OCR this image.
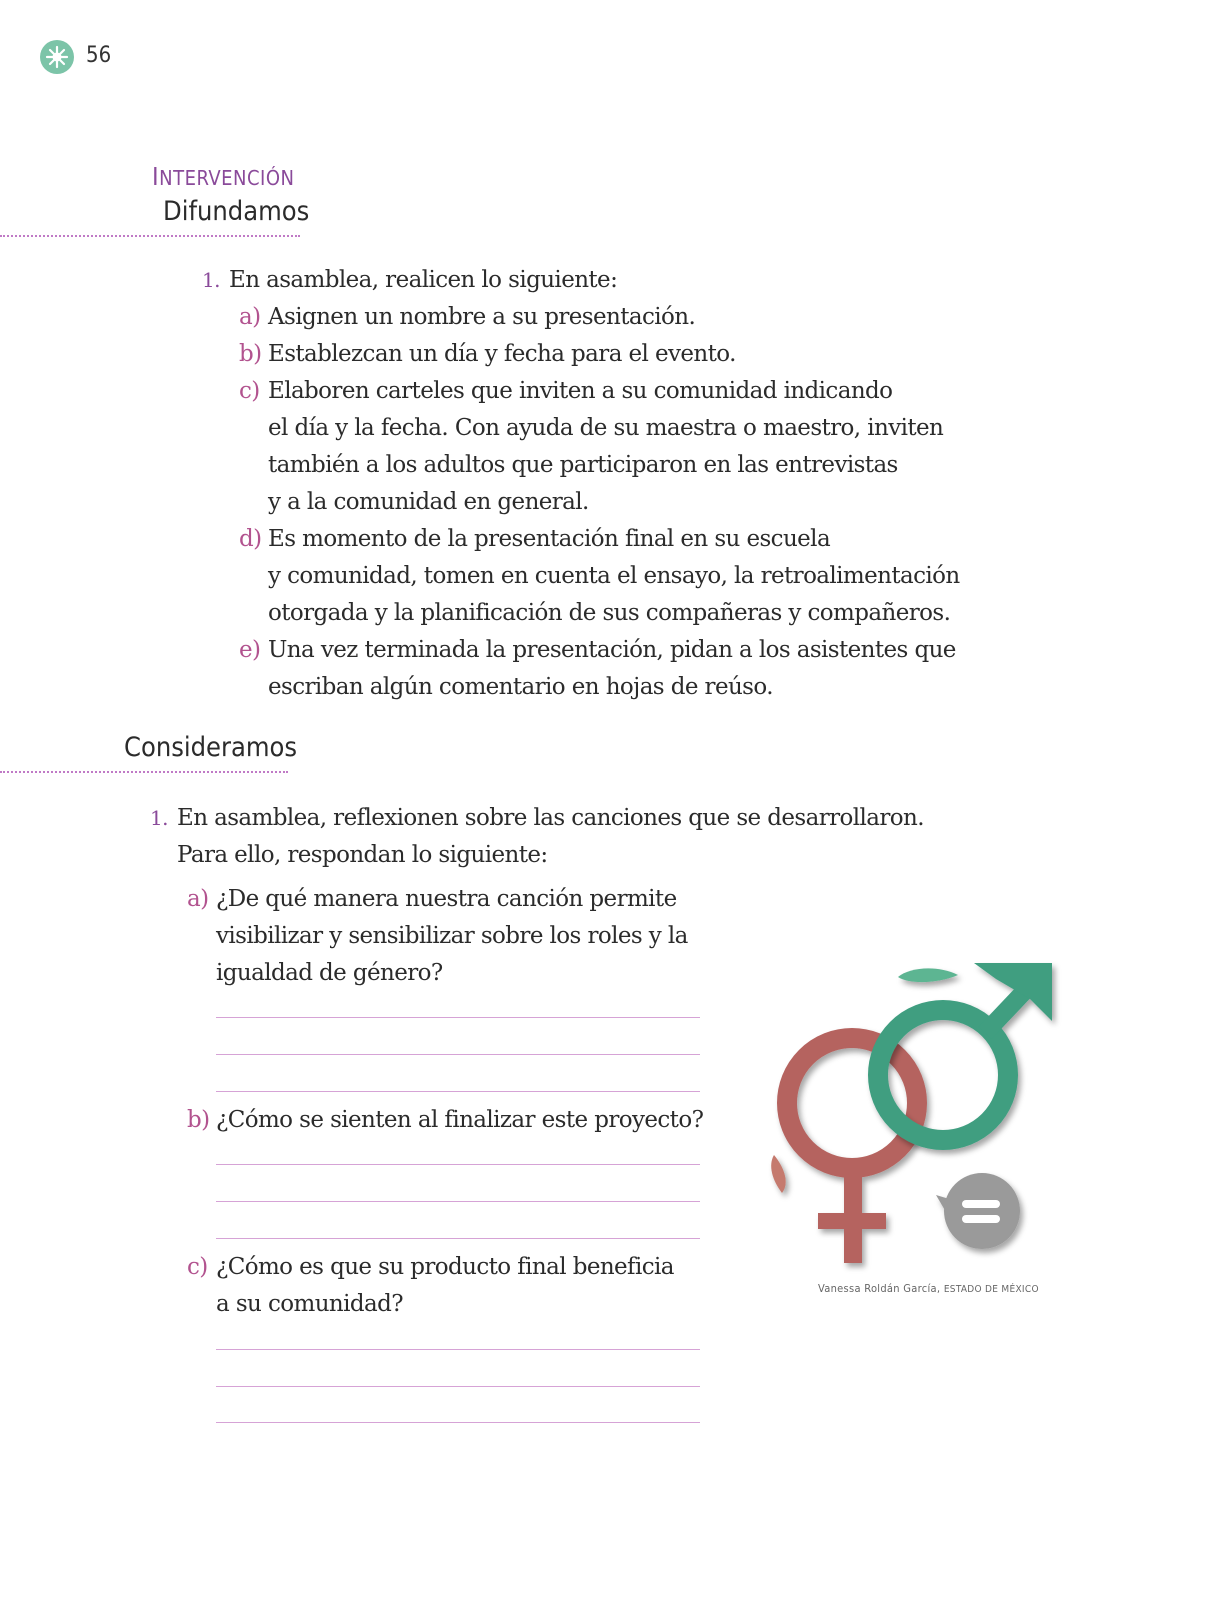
56
INTERVENCIÓN
Difundamos
1. En asamblea, realicen lo siguiente:
a) Asignen un nombre a su presentación.
b) Establezcan un día y fecha para el evento.
c) Elaboren carteles que inviten a su comunidad indicando
el día y la fecha. Con ayuda de su maestra o maestro, inviten
también a los adultos que participaron en las entrevistas
y a la comunidad en general.
d) Es momento de la presentación final en su escuela
y comunidad, tomen en cuenta el ensayo, la retroalimentación
otorgada y la planificación de sus compañeras y compañeros.
e) Una vez terminada la presentación, pidan a los asistentes que
escriban algún comentario en hojas de reúso.
Consideramos
1. En asamblea, reflexionen sobre las canciones que se desarrollaron.
Para ello, respondan lo siguiente:
a) ¿De qué manera nuestra canción permite
visibilizar y sensibilizar sobre los roles y la
igualdad de género?
b) ¿Cómo se sienten al finalizar este proyecto?
c) ¿Cómo es que su producto final beneficia
a su comunidad?
Vanessa Roldán García, ESTADO DE MÉXICO
